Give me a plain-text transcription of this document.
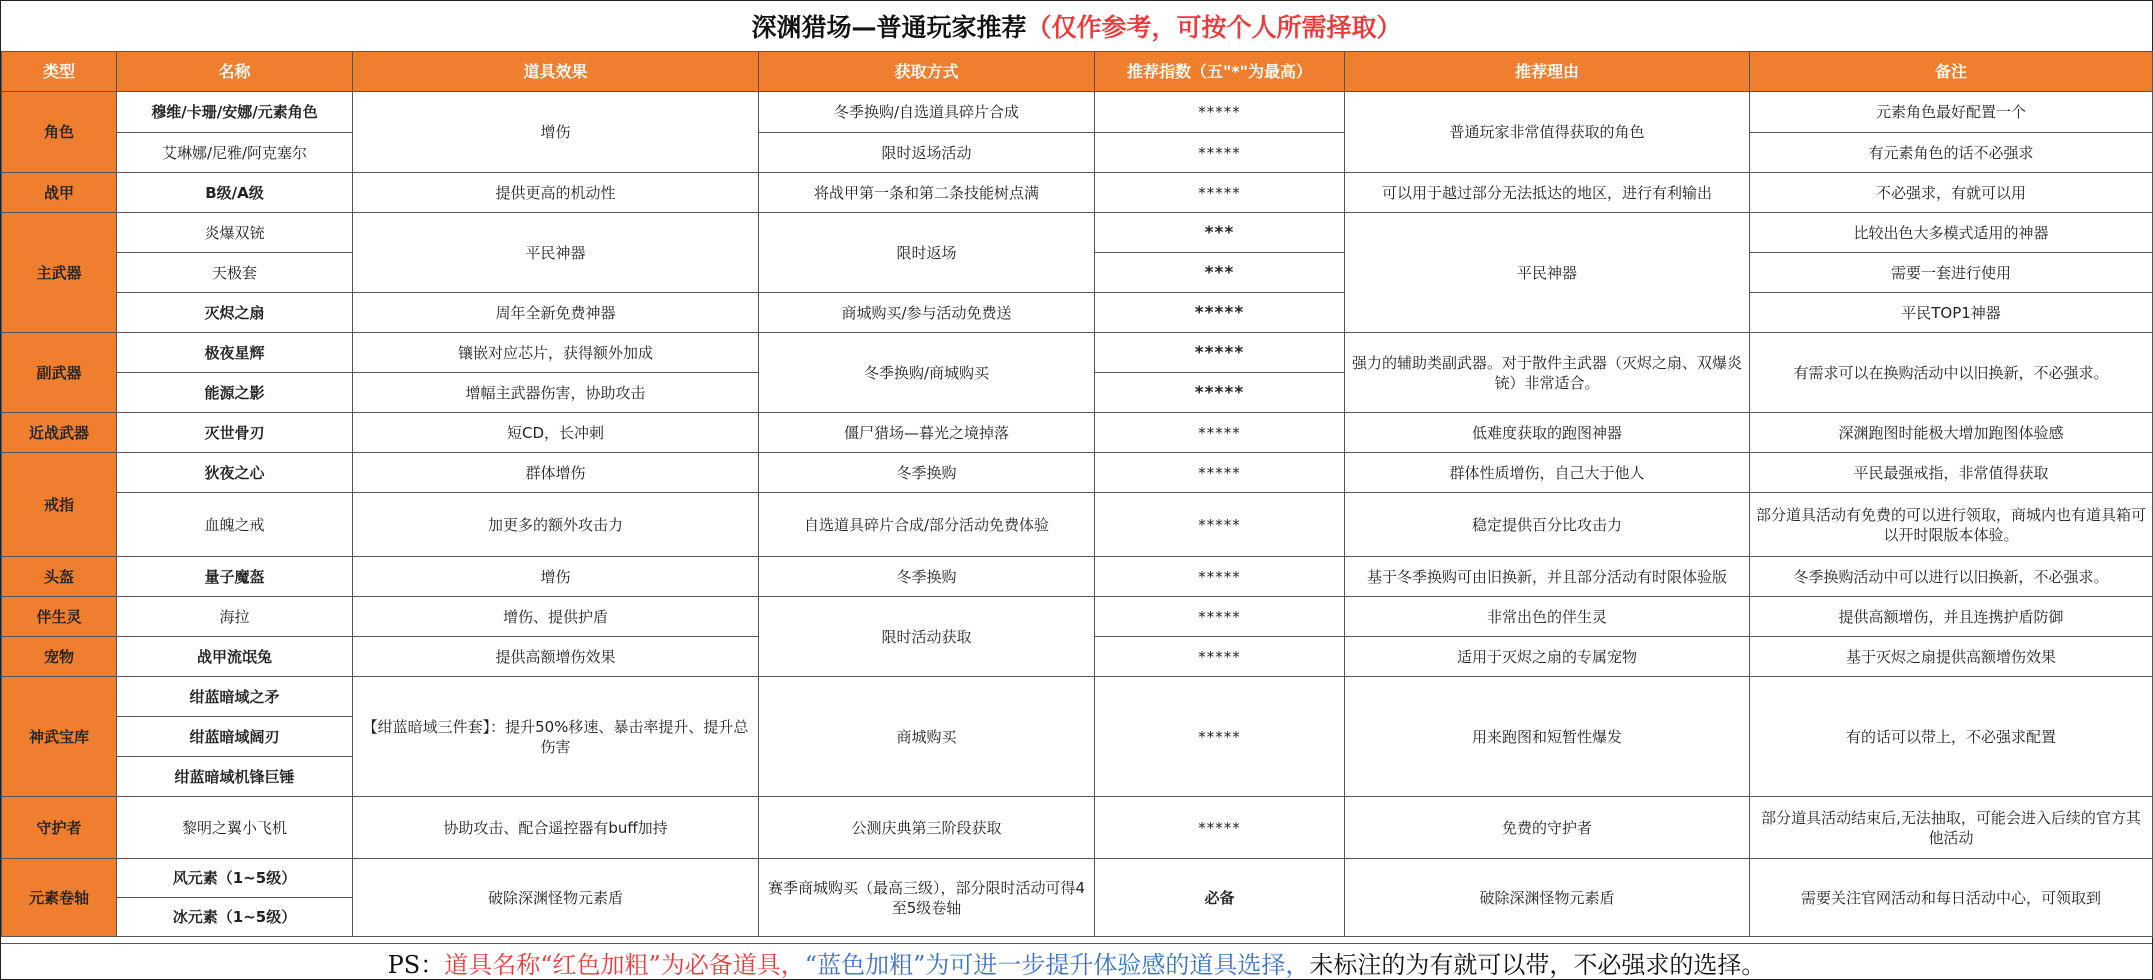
深渊猎场—普通玩家推荐 （仅作参考，可按个人所需择取）
类型	名称	道具效果	获取方式	推荐指数（五"*"为最高）	推荐理由	备注
角色	穆维/卡珊/安娜/元素角色	增伤	冬季换购/自选道具碎片合成	*****	普通玩家非常值得获取的角色	元素角色最好配置一个
	艾琳娜/尼雅/阿克塞尔		限时返场活动	*****		有元素角色的话不必强求
战甲	B级/A级	提供更高的机动性	将战甲第一条和第二条技能树点满	*****	可以用于越过部分无法抵达的地区，进行有利输出	不必强求，有就可以用
主武器	炎爆双铳	平民神器	限时返场	***	平民神器	比较出色大多模式适用的神器
	天极套			***		需要一套进行使用
	灭烬之扇	周年全新免费神器	商城购买/参与活动免费送	*****		平民TOP1神器
副武器	极夜星辉	镶嵌对应芯片，获得额外加成	冬季换购/商城购买	*****	强力的辅助类副武器。对于散件主武器（灭烬之扇、双爆炎铳）非常适合。	有需求可以在换购活动中以旧换新，不必强求。
	能源之影	增幅主武器伤害，协助攻击		*****		
近战武器	灭世骨刃	短CD，长冲刺	僵尸猎场—暮光之境掉落	*****	低难度获取的跑图神器	深渊跑图时能极大增加跑图体验感
戒指	狄夜之心	群体增伤	冬季换购	*****	群体性质增伤，自己大于他人	平民最强戒指，非常值得获取
	血魄之戒	加更多的额外攻击力	自选道具碎片合成/部分活动免费体验	*****	稳定提供百分比攻击力	部分道具活动有免费的可以进行领取，商城内也有道具箱可以开时限版本体验。
头盔	量子魔盔	增伤	冬季换购	*****	基于冬季换购可由旧换新，并且部分活动有时限体验版	冬季换购活动中可以进行以旧换新，不必强求。
伴生灵	海拉	增伤、提供护盾	限时活动获取	*****	非常出色的伴生灵	提供高额增伤，并且连携护盾防御
宠物	战甲流氓兔	提供高额增伤效果		*****	适用于灭烬之扇的专属宠物	基于灭烬之扇提供高额增伤效果
神武宝库	绀蓝暗域之矛	【绀蓝暗域三件套】：提升50%移速、暴击率提升、提升总伤害	商城购买	*****	用来跑图和短暂性爆发	有的话可以带上，不必强求配置
	绀蓝暗域阔刃					
	绀蓝暗域机锋巨锤					
守护者	黎明之翼小飞机	协助攻击、配合遥控器有buff加持	公测庆典第三阶段获取	*****	免费的守护者	部分道具活动结束后,无法抽取，可能会进入后续的官方其他活动
元素卷轴	风元素（1~5级）	破除深渊怪物元素盾	赛季商城购买（最高三级），部分限时活动可得4至5级卷轴	必备	破除深渊怪物元素盾	需要关注官网活动和每日活动中心，可领取到
	冰元素（1~5级）					
PS： 道具名称“红色加粗”为必备道具， “蓝色加粗”为可进一步提升体验感的道具选择， 未标注的为有就可以带，不必强求的选择。
